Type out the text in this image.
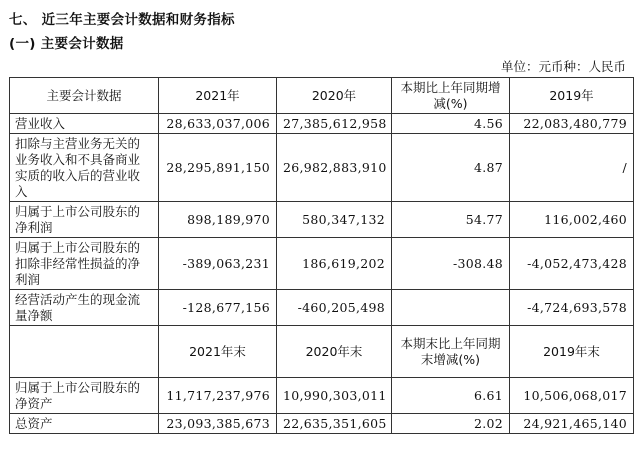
七、 近三年主要会计数据和财务指标
(一) 主要会计数据
单位：元币种：人民币
主要会计数据	2021年	2020年	本期比上年同期增减(%)	2019年
营业收入	28,633,037,006	27,385,612,958	4.56	22,083,480,779
扣除与主营业务无关的业务收入和不具备商业实质的收入后的营业收入	28,295,891,150	26,982,883,910	4.87	/
归属于上市公司股东的净利润	898,189,970	580,347,132	54.77	116,002,460
归属于上市公司股东的扣除非经常性损益的净利润	-389,063,231	186,619,202	-308.48	-4,052,473,428
经营活动产生的现金流量净额	-128,677,156	-460,205,498		-4,724,693,578
	2021年末	2020年末	本期末比上年同期末增减(%)	2019年末
归属于上市公司股东的净资产	11,717,237,976	10,990,303,011	6.61	10,506,068,017
总资产	23,093,385,673	22,635,351,605	2.02	24,921,465,140
